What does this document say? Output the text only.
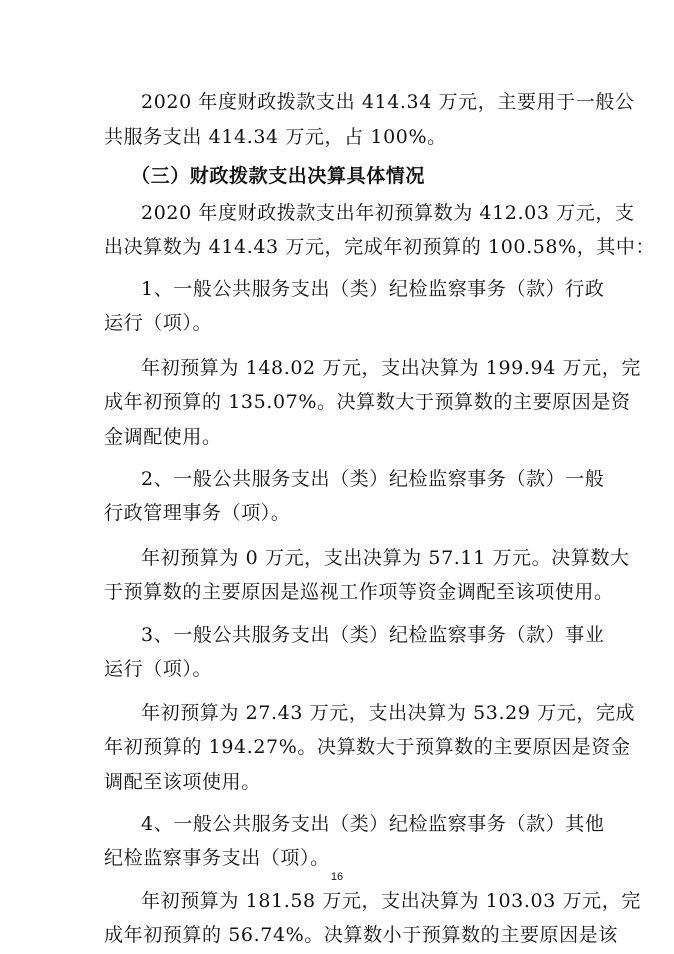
2020 年度财政拨款支出 414.34 万元，主要用于一般公

共服务支出 414.34 万元，占 100%。

（三）财政拨款支出决算具体情况

2020 年度财政拨款支出年初预算数为 412.03 万元，支

出决算数为 414.43 万元，完成年初预算的 100.58%，其中：

1、一般公共服务支出（类）纪检监察事务（款）行政

运行（项）。

年初预算为 148.02 万元，支出决算为 199.94 万元，完

成年初预算的 135.07%。决算数大于预算数的主要原因是资

金调配使用。

2、一般公共服务支出（类）纪检监察事务（款）一般

行政管理事务（项）。

年初预算为 0 万元，支出决算为 57.11 万元。决算数大

于预算数的主要原因是巡视工作项等资金调配至该项使用。

3、一般公共服务支出（类）纪检监察事务（款）事业

运行（项）。

年初预算为 27.43 万元，支出决算为 53.29 万元，完成

年初预算的 194.27%。决算数大于预算数的主要原因是资金

调配至该项使用。

4、一般公共服务支出（类）纪检监察事务（款）其他

纪检监察事务支出（项）。

年初预算为 181.58 万元，支出决算为 103.03 万元，完

成年初预算的 56.74%。决算数小于预算数的主要原因是该

16
